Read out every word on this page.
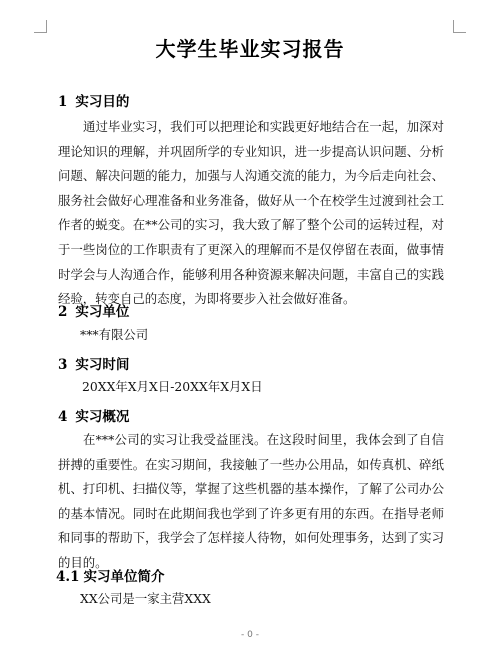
大学生毕业实习报告
1 实习目的

通过毕业实习，我们可以把理论和实践更好地结合在一起，加深对理论知识的理解，并巩固所学的专业知识，进一步提高认识问题、分析问题、解决问题的能力，加强与人沟通交流的能力，为今后走向社会、服务社会做好心理准备和业务准备，做好从一个在校学生过渡到社会工作者的蜕变。在**公司的实习，我大致了解了整个公司的运转过程，对于一些岗位的工作职责有了更深入的理解而不是仅停留在表面，做事情时学会与人沟通合作，能够利用各种资源来解决问题，丰富自己的实践经验，转变自己的态度，为即将要步入社会做好准备。

2 实习单位
***有限公司
3 实习时间
20XX年X月X日-20XX年X月X日
4 实习概况

在***公司的实习让我受益匪浅。在这段时间里，我体会到了自信拼搏的重要性。在实习期间，我接触了一些办公用品，如传真机、碎纸机、打印机、扫描仪等，掌握了这些机器的基本操作，了解了公司办公的基本情况。同时在此期间我也学到了许多更有用的东西。在指导老师和同事的帮助下，我学会了怎样接人待物，如何处理事务，达到了实习的目的。

4.1 实习单位简介
XX公司是一家主营XXX
- 0 -
